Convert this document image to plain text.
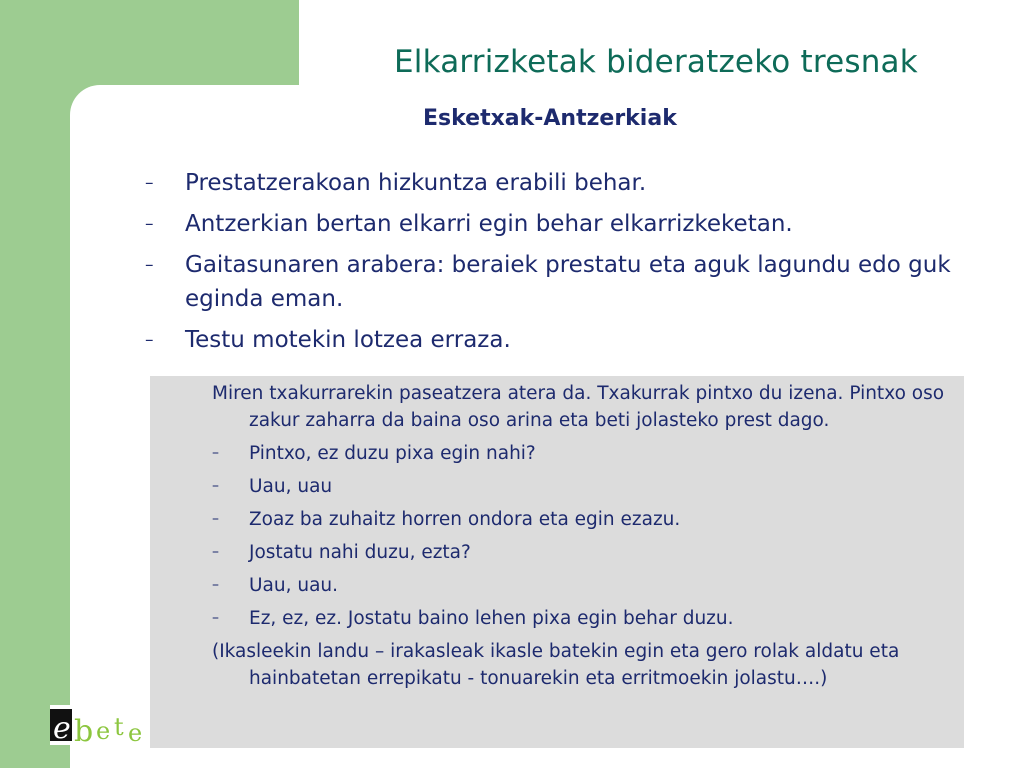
Elkarrizketak bideratzeko tresnak
Esketxak-Antzerkiak
– Prestatzerakoan hizkuntza erabili behar.
– Antzerkian bertan elkarri egin behar elkarrizkeketan.
– Gaitasunaren arabera: beraiek prestatu eta aguk lagundu edo guk eginda eman.
– Testu motekin lotzea erraza.
Miren txakurrarekin paseatzera atera da. Txakurrak pintxo du izena. Pintxo oso zakur zaharra da baina oso arina eta beti jolasteko prest dago.
– Pintxo, ez duzu pixa egin nahi?
– Uau, uau
– Zoaz ba zuhaitz horren ondora eta egin ezazu.
– Jostatu nahi duzu, ezta?
– Uau, uau.
– Ez, ez, ez. Jostatu baino lehen pixa egin behar duzu.
(Ikasleekin landu – irakasleak ikasle batekin egin eta gero rolak aldatu eta hainbatetan errepikatu - tonuarekin eta erritmoekin jolastu….)
e b e t e
